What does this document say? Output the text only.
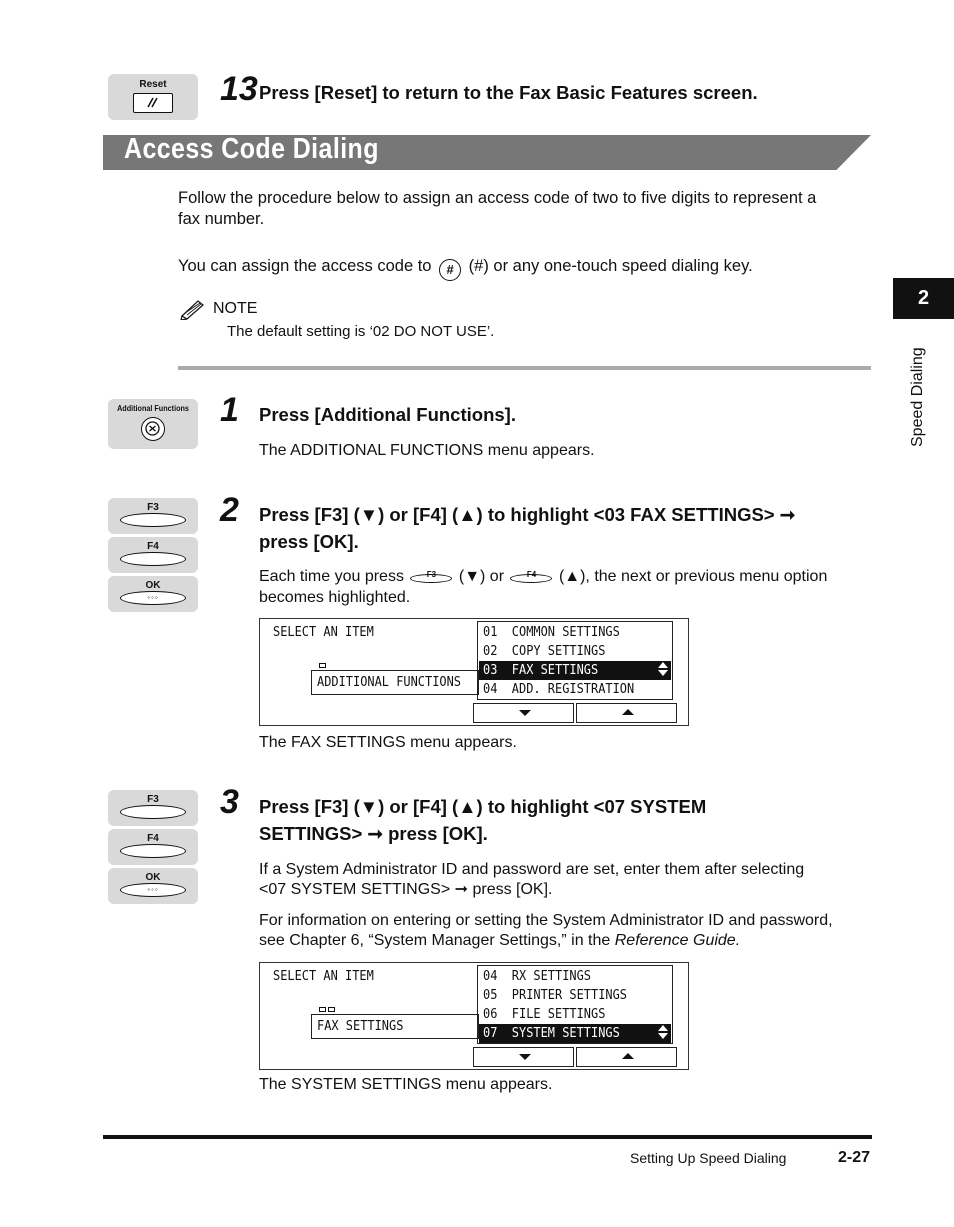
Reset	13 Press [Reset] to return to the Fax Basic Features screen.
Access Code Dialing
Follow the procedure below to assign an access code of two to five digits to represent a fax number.
You can assign the access code to # (#) or any one-touch speed dialing key.
NOTE
The default setting is ‘02 DO NOT USE’.
Additional Functions 1 Press [Additional Functions].
The ADDITIONAL FUNCTIONS menu appears.
F3
F4
OK
◦◦◦
2 Press [F3] (▼) or [F4] (▲) to highlight <03 FAX SETTINGS> ➞
press [OK].
Each time you press	F3	(▼) or	F4	(▲), the next or previous menu option
becomes highlighted.
SELECT AN ITEM
ADDITIONAL FUNCTIONS
01  COMMON SETTINGS
02  COPY SETTINGS
03  FAX SETTINGS

04  ADD. REGISTRATION
The FAX SETTINGS menu appears.
F3
F4
OK
◦◦◦
3 Press [F3] (▼) or [F4] (▲) to highlight <07 SYSTEM
SETTINGS> ➞ press [OK].
If a System Administrator ID and password are set, enter them after selecting
<07 SYSTEM SETTINGS> ➞ press [OK].
For information on entering or setting the System Administrator ID and password,
see Chapter 6, “System Manager Settings,” in the Reference Guide.
SELECT AN ITEM
FAX SETTINGS
04  RX SETTINGS
05  PRINTER SETTINGS
06  FILE SETTINGS
07  SYSTEM SETTINGS

The SYSTEM SETTINGS menu appears.
2
Speed Dialing
Setting Up Speed Dialing	2-27
